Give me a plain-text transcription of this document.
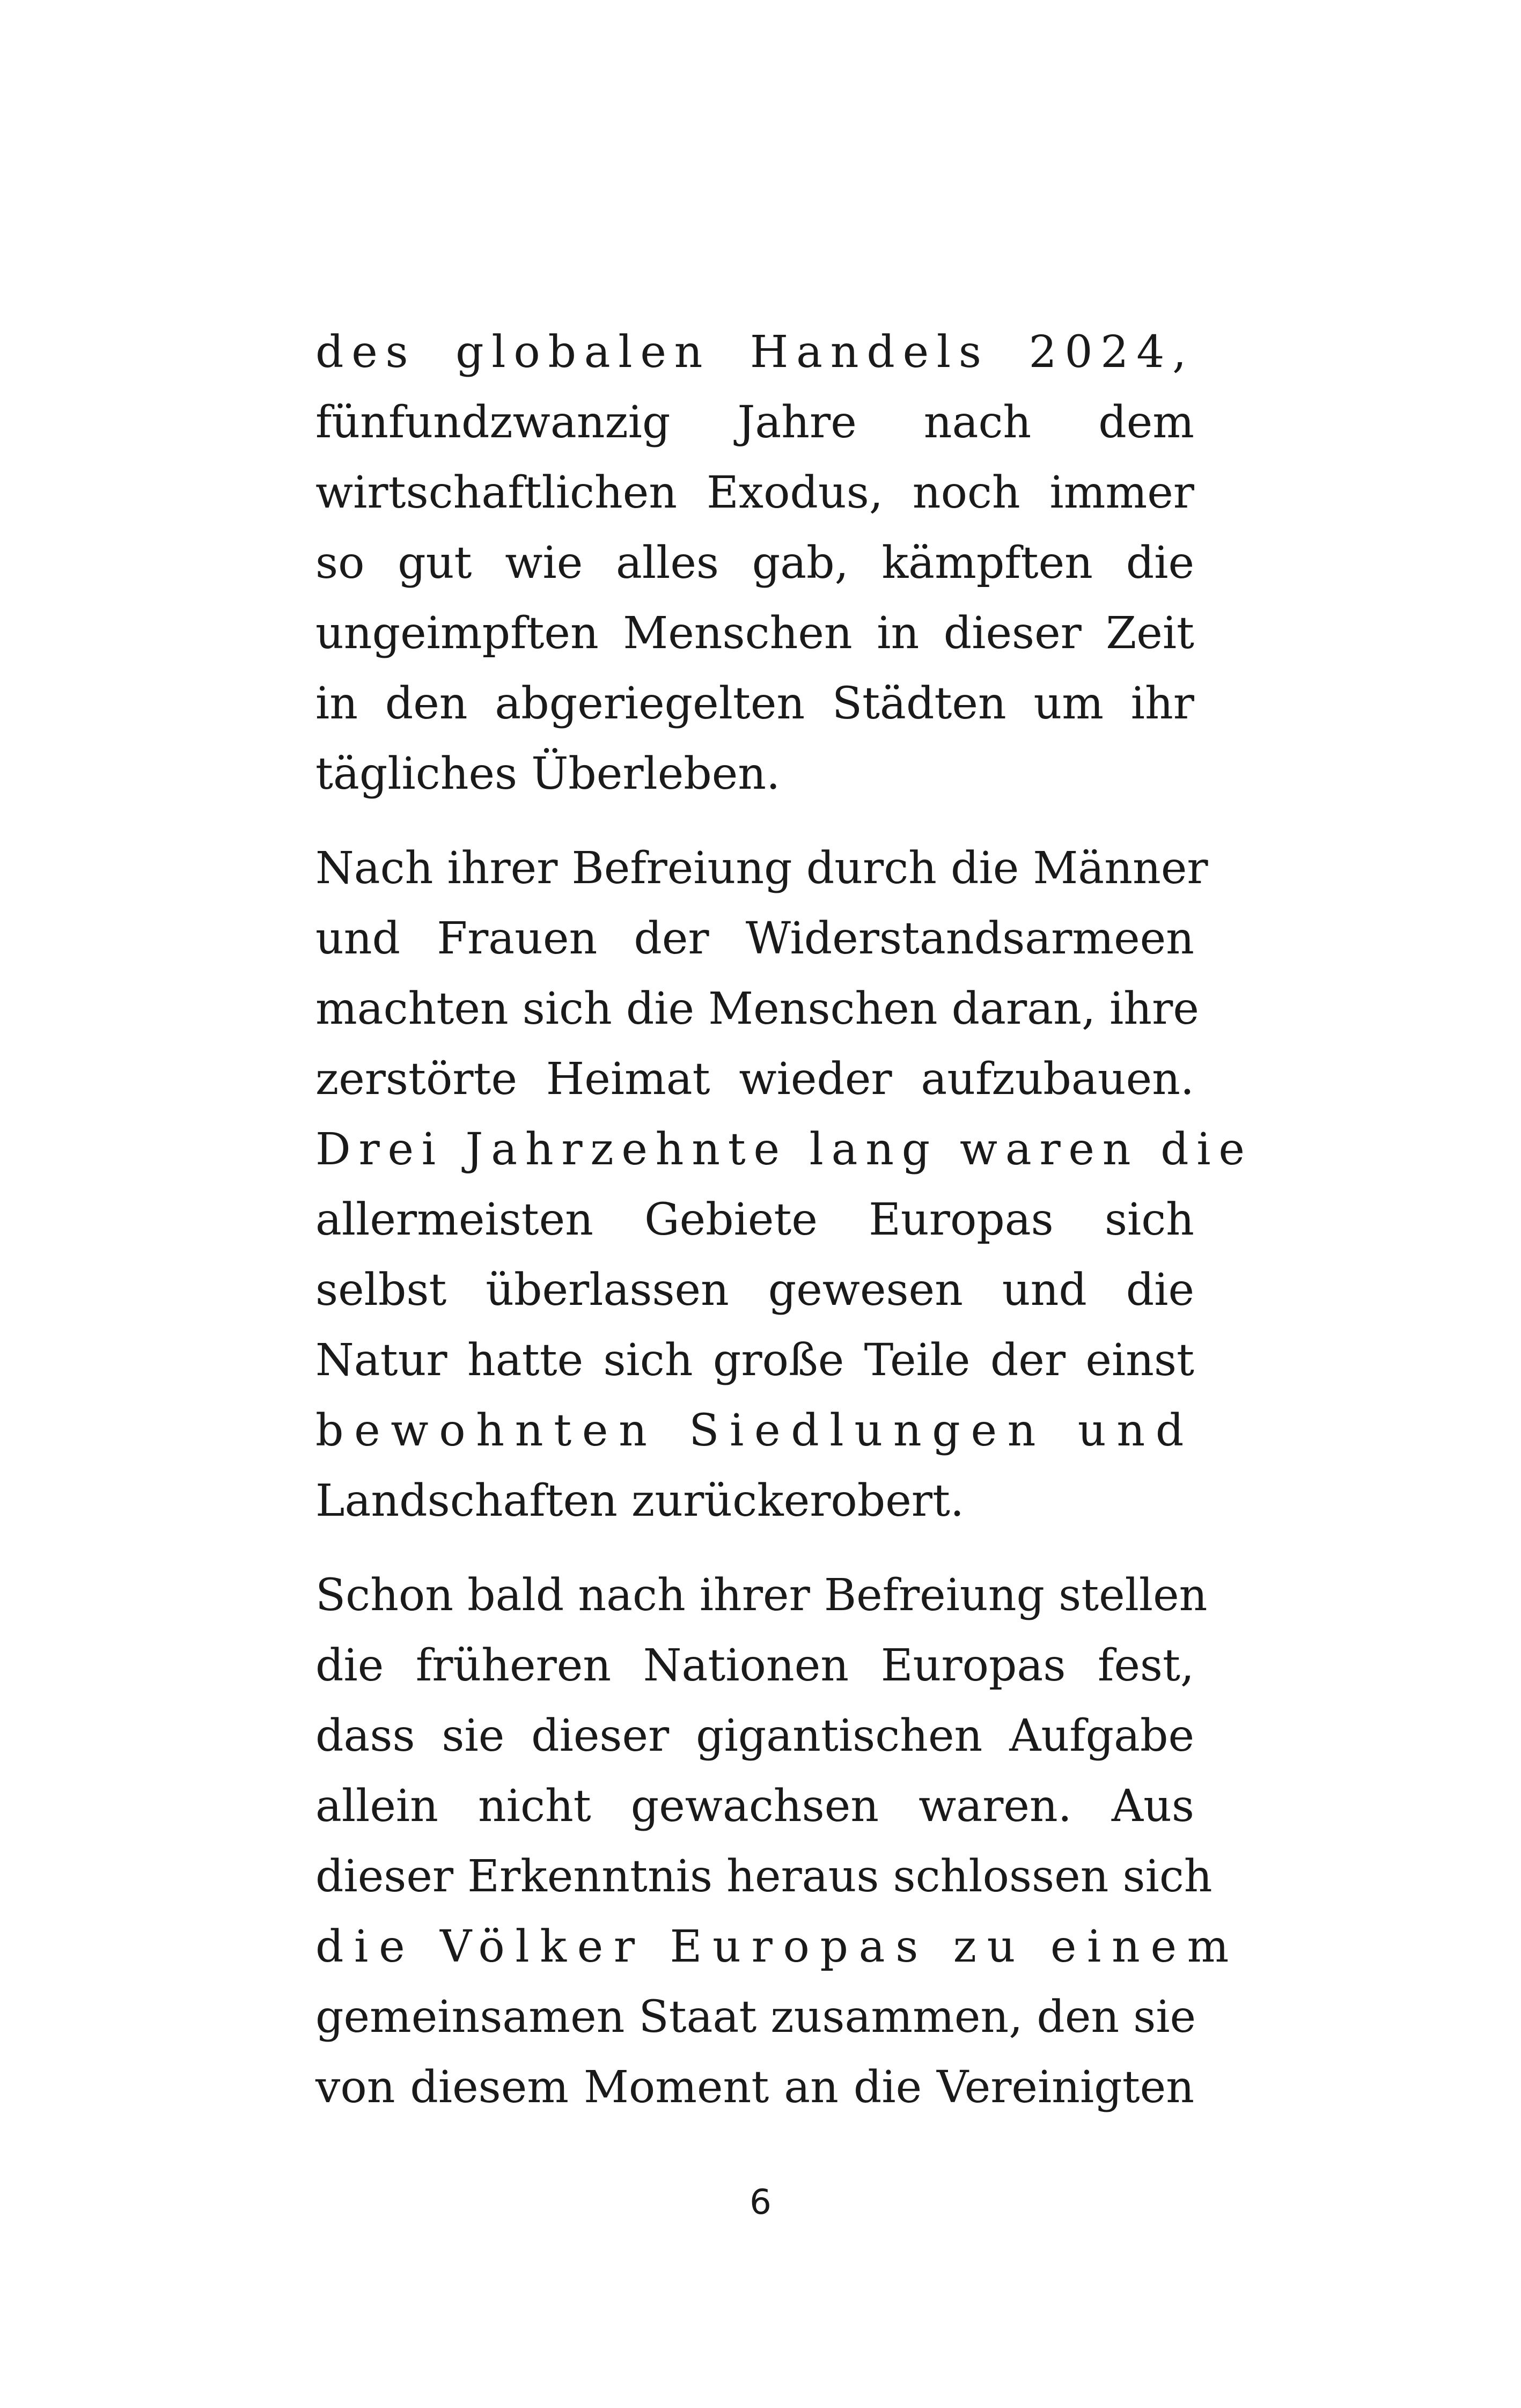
des globalen Handels 2024,
fünfundzwanzig Jahre nach dem
wirtschaftlichen Exodus, noch immer
so gut wie alles gab, kämpften die
ungeimpften Menschen in dieser Zeit
in den abgeriegelten Städten um ihr
tägliches Überleben.
Nach ihrer Befreiung durch die Männer
und Frauen der Widerstandsarmeen
machten sich die Menschen daran, ihre
zerstörte Heimat wieder aufzubauen.
Drei Jahrzehnte lang waren die
allermeisten Gebiete Europas sich
selbst überlassen gewesen und die
Natur hatte sich große Teile der einst
bewohnten Siedlungen und
Landschaften zurückerobert.
Schon bald nach ihrer Befreiung stellen
die früheren Nationen Europas fest,
dass sie dieser gigantischen Aufgabe
allein nicht gewachsen waren. Aus
dieser Erkenntnis heraus schlossen sich
die Völker Europas zu einem
gemeinsamen Staat zusammen, den sie
von diesem Moment an die Vereinigten
6
